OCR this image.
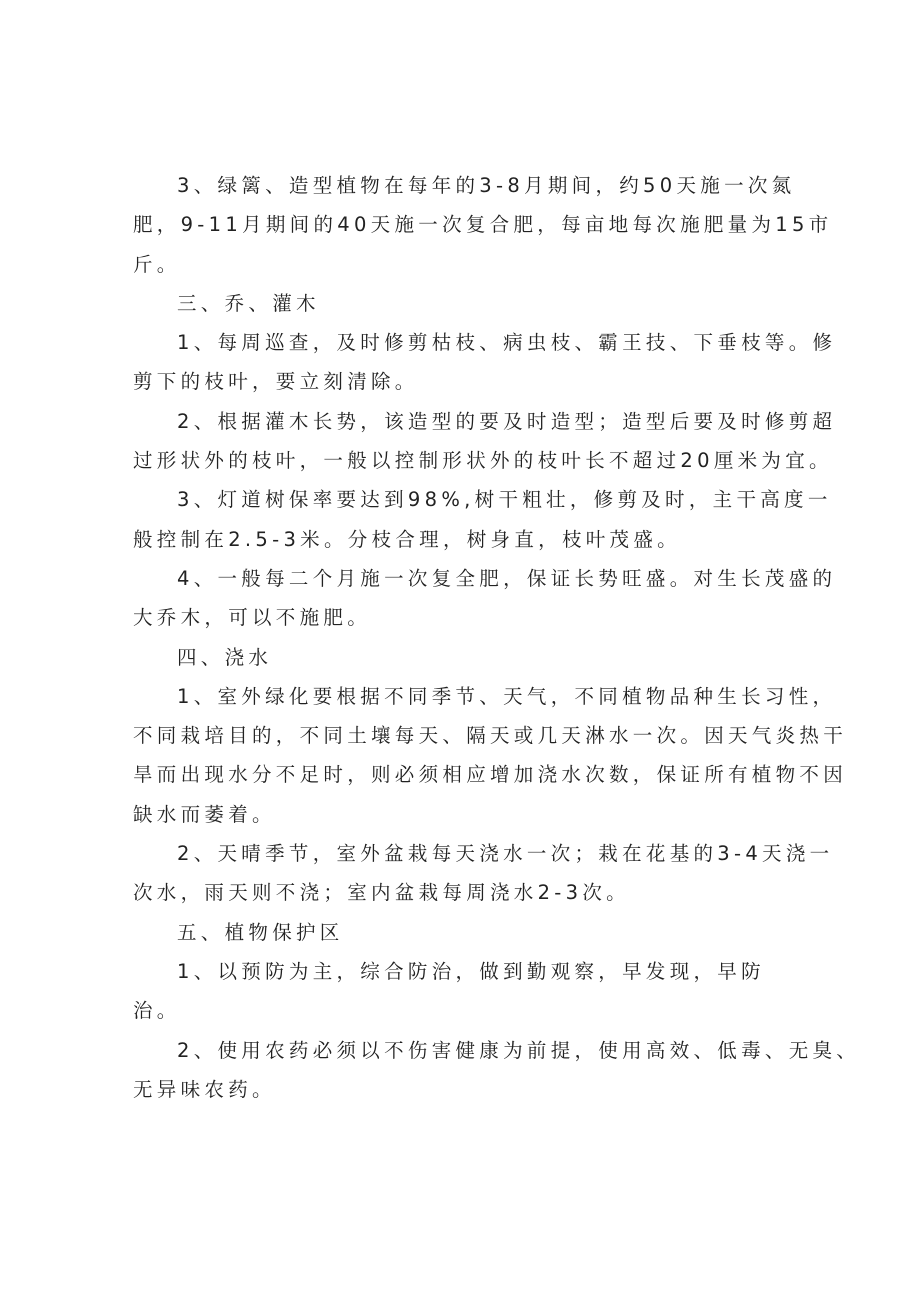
3、绿篱、造型植物在每年的3-8月期间，约50天施一次氮
肥，9-11月期间的40天施一次复合肥，每亩地每次施肥量为15市
斤。

三、乔、灌木

1、每周巡查，及时修剪枯枝、病虫枝、霸王技、下垂枝等。修
剪下的枝叶，要立刻清除。

2、根据灌木长势，该造型的要及时造型；造型后要及时修剪超
过形状外的枝叶，一般以控制形状外的枝叶长不超过20厘米为宜。

3、灯道树保率要达到98%,树干粗壮，修剪及时，主干高度一
般控制在2.5-3米。分枝合理，树身直，枝叶茂盛。

4、一般每二个月施一次复全肥，保证长势旺盛。对生长茂盛的
大乔木，可以不施肥。

四、浇水

1、室外绿化要根据不同季节、天气，不同植物品种生长习性，
不同栽培目的，不同土壤每天、隔天或几天淋水一次。因天气炎热干
旱而出现水分不足时，则必须相应增加浇水次数，保证所有植物不因
缺水而萎着。

2、天晴季节，室外盆栽每天浇水一次；栽在花基的3-4天浇一
次水，雨天则不浇；室内盆栽每周浇水2-3次。

五、植物保护区

1、以预防为主，综合防治，做到勤观察，早发现，早防
治。

2、使用农药必须以不伤害健康为前提，使用高效、低毒、无臭、
无异味农药。
